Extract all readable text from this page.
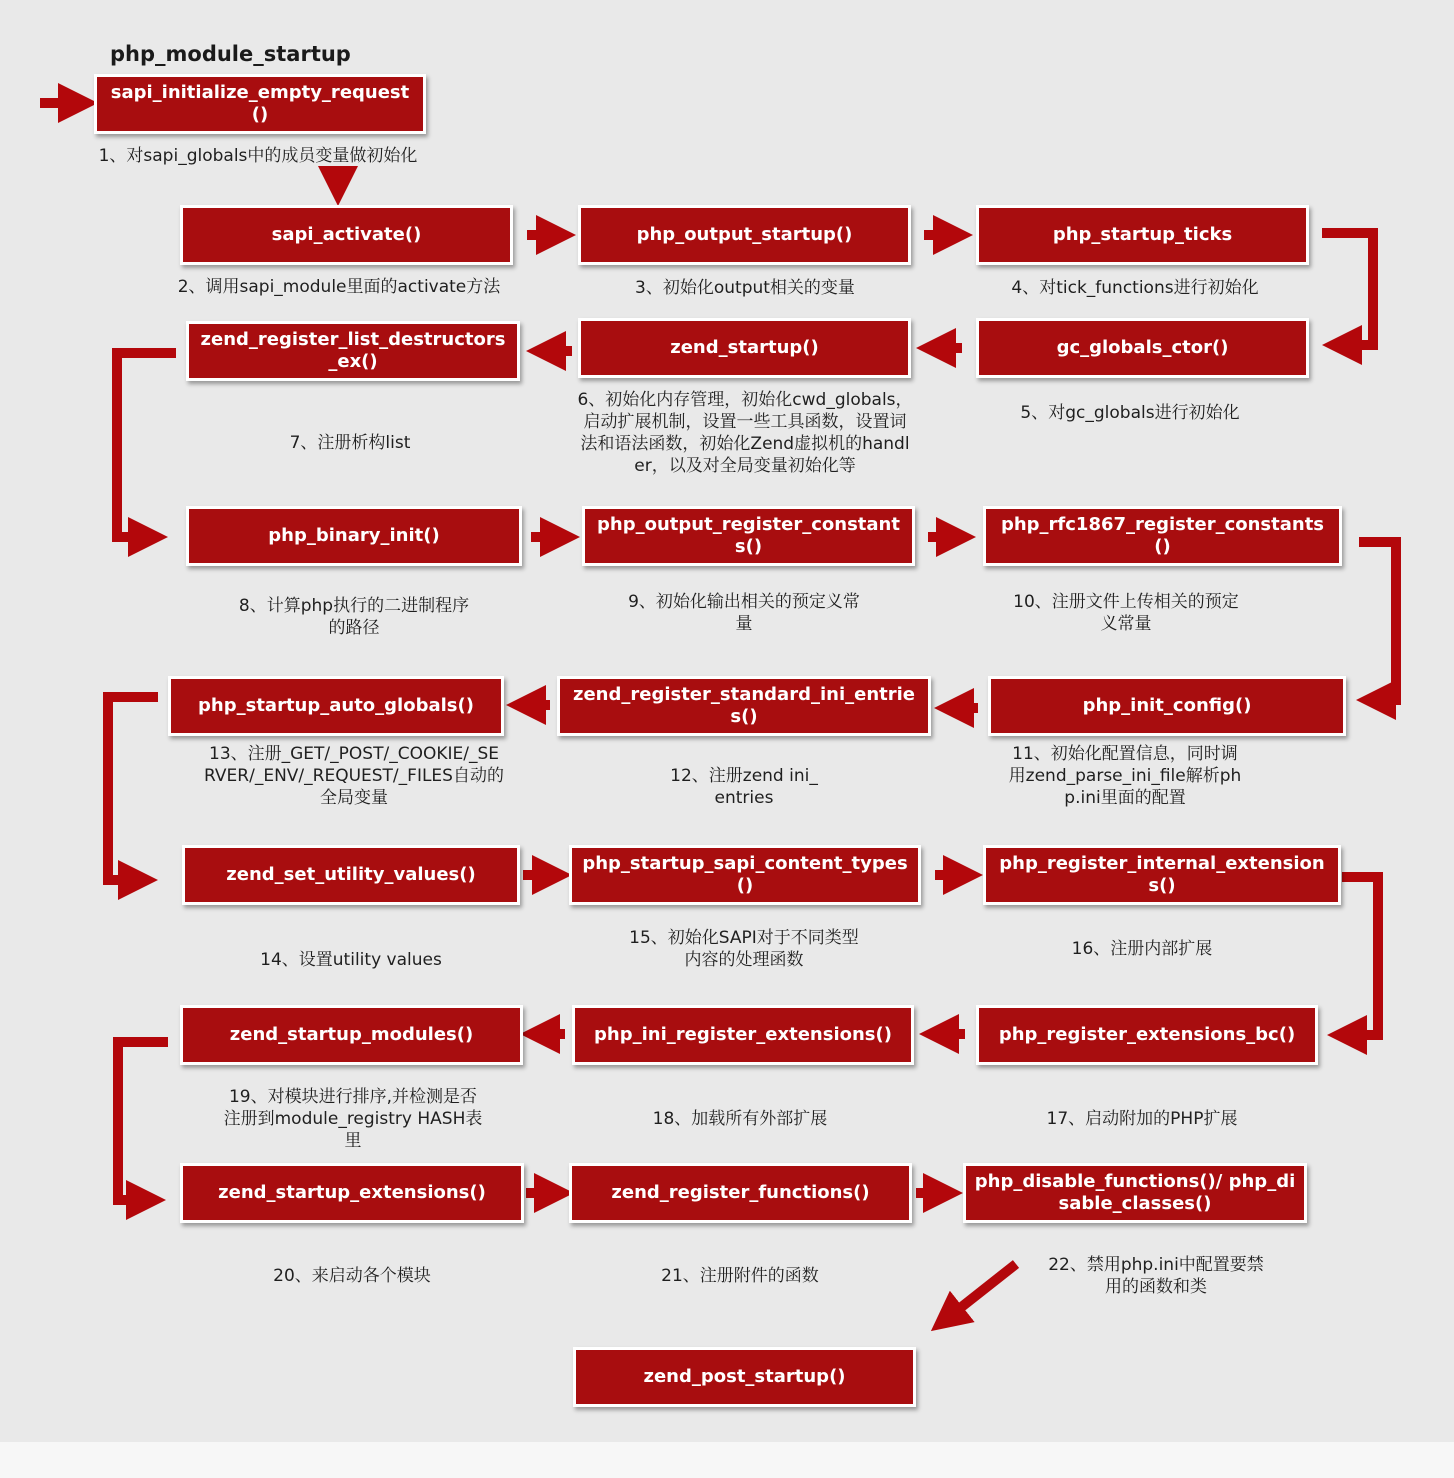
php_module_startup
sapi_initialize_empty_request()
sapi_activate()	php_output_startup()	php_startup_ticks
gc_globals_ctor()
zend_startup()
zend_register_list_destructors_ex()
php_binary_init()
php_output_register_constants()
php_rfc1867_register_constants()
php_init_config()
zend_register_standard_ini_entries()
php_startup_auto_globals()
zend_set_utility_values()
php_startup_sapi_content_types()
php_register_internal_extensions()
php_register_extensions_bc()
php_ini_register_extensions()
zend_startup_modules()
zend_startup_extensions()	zend_register_functions()
php_disable_functions()/ php_disable_classes()
zend_post_startup()
1、对sapi_globals中的成员变量做初始化
2、调用sapi_module里面的activate方法	3、初始化output相关的变量	4、对tick_functions进行初始化
5、对gc_globals进行初始化
6、初始化内存管理，初始化cwd_globals，启动扩展机制，设置一些工具函数，设置词法和语法函数，初始化Zend虚拟机的handler，以及对全局变量初始化等
7、注册析构list
8、计算php执行的二进制程序的路径
9、初始化输出相关的预定义常量
10、注册文件上传相关的预定义常量
11、初始化配置信息，同时调用zend_parse_ini_file解析php.ini里面的配置
12、注册zend ini_entries
13、注册_GET/_POST/_COOKIE/_SERVER/_ENV/_REQUEST/_FILES自动的全局变量
14、设置utility values
15、初始化SAPI对于不同类型内容的处理函数
16、注册内部扩展
17、启动附加的PHP扩展
18、加载所有外部扩展
19、对模块进行排序,并检测是否注册到module_registry HASH表里
20、来启动各个模块	21、注册附件的函数
22、禁用php.ini中配置要禁用的函数和类
